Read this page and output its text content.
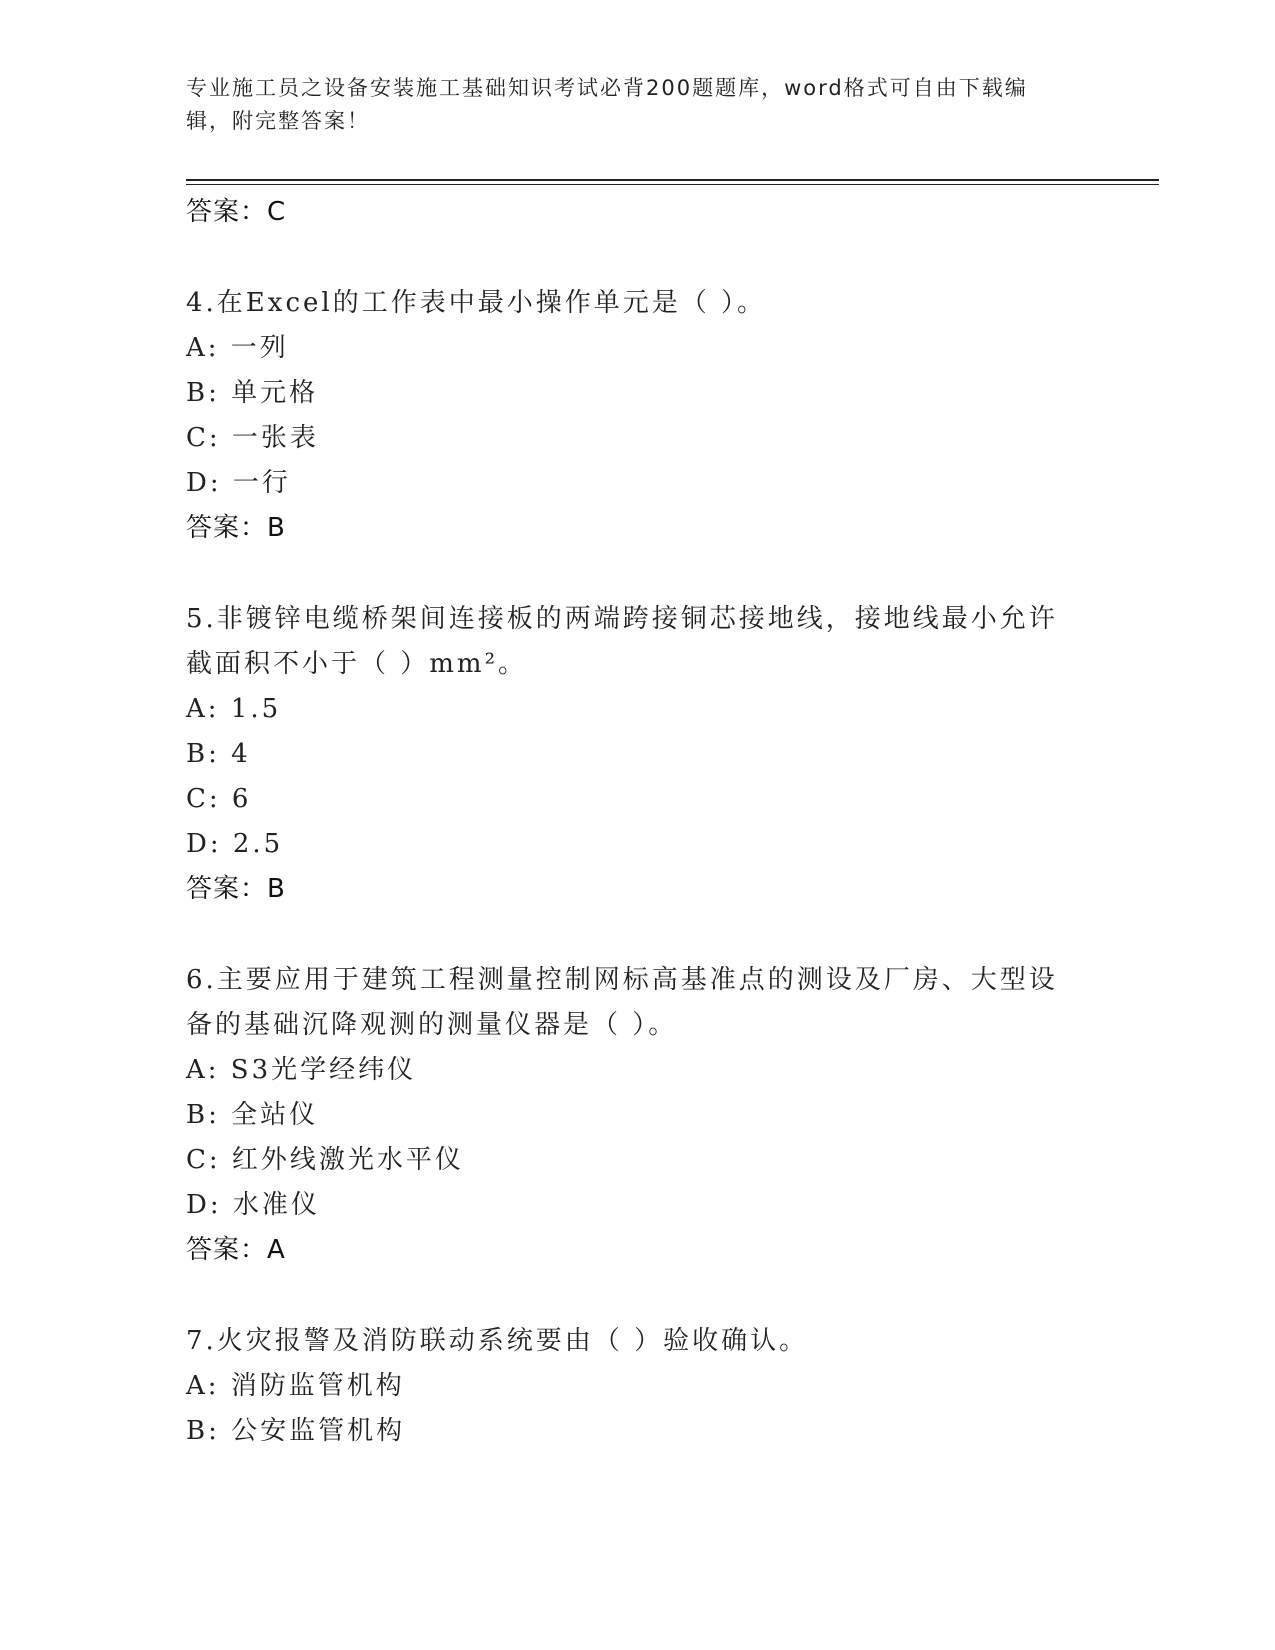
专业施工员之设备安装施工基础知识考试必背200题题库，word格式可自由下载编辑，附完整答案！
答案：C
4.在Excel的工作表中最小操作单元是（ ）。
A: 一列
B: 单元格
C: 一张表
D: 一行
答案：B
5.非镀锌电缆桥架间连接板的两端跨接铜芯接地线，接地线最小允许截面积不小于（ ）mm²。
A: 1.5
B: 4
C: 6
D: 2.5
答案：B
6.主要应用于建筑工程测量控制网标高基准点的测设及厂房、大型设备的基础沉降观测的测量仪器是（ ）。
A: S3光学经纬仪
B: 全站仪
C: 红外线激光水平仪
D: 水准仪
答案：A
7.火灾报警及消防联动系统要由（ ）验收确认。
A: 消防监管机构
B: 公安监管机构
